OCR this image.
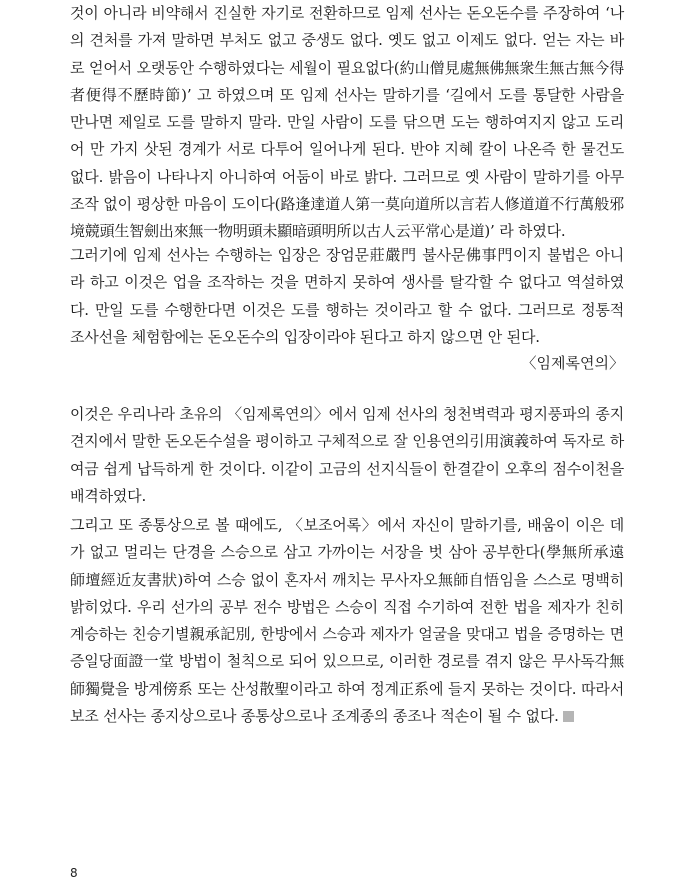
것이 아니라 비약해서 진실한 자기로 전환하므로 임제 선사는 돈오돈수를 주장하여 ‘나의 견처를 가져 말하면 부처도 없고 중생도 없다. 옛도 없고 이제도 없다. 얻는 자는 바로 얻어서 오랫동안 수행하였다는 세월이 필요없다(約山僧見處無佛無衆生無古無今得者便得不歷時節)’ 고 하였으며 또 임제 선사는 말하기를 ‘길에서 도를 통달한 사람을 만나면 제일로 도를 말하지 말라. 만일 사람이 도를 닦으면 도는 행하여지지 않고 도리어 만 가지 삿된 경계가 서로 다투어 일어나게 된다. 반야 지혜 칼이 나온즉 한 물건도 없다. 밝음이 나타나지 아니하여 어둠이 바로 밝다. 그러므로 옛 사람이 말하기를 아무 조작 없이 평상한 마음이 도이다(路逢達道人第一莫向道所以言若人修道道不行萬般邪境競頭生智劍出來無一物明頭未顯暗頭明所以古人云平常心是道)’ 라 하였다.
그러기에 임제 선사는 수행하는 입장은 장엄문莊嚴門 불사문佛事門이지 불법은 아니라 하고 이것은 업을 조작하는 것을 면하지 못하여 생사를 탈각할 수 없다고 역설하였다. 만일 도를 수행한다면 이것은 도를 행하는 것이라고 할 수 없다. 그러므로 정통적 조사선을 체험함에는 돈오돈수의 입장이라야 된다고 하지 않으면 안 된다.
〈임제록연의〉
이것은 우리나라 초유의 〈임제록연의〉에서 임제 선사의 청천벽력과 평지풍파의 종지 견지에서 말한 돈오돈수설을 평이하고 구체적으로 잘 인용연의引用演義하여 독자로 하여금 쉽게 납득하게 한 것이다. 이같이 고금의 선지식들이 한결같이 오후의 점수이천을 배격하였다.
그리고 또 종통상으로 볼 때에도, 〈보조어록〉에서 자신이 말하기를, 배움이 이은 데가 없고 멀리는 단경을 스승으로 삼고 가까이는 서장을 벗 삼아 공부한다(學無所承遠師壇經近友書狀)하여 스승 없이 혼자서 깨치는 무사자오無師自悟임을 스스로 명백히 밝히었다. 우리 선가의 공부 전수 방법은 스승이 직접 수기하여 전한 법을 제자가 친히 계승하는 친승기별親承記別, 한방에서 스승과 제자가 얼굴을 맞대고 법을 증명하는 면증일당面證一堂 방법이 철칙으로 되어 있으므로, 이러한 경로를 겪지 않은 무사독각無師獨覺을 방계傍系 또는 산성散聖이라고 하여 정계正系에 들지 못하는 것이다. 따라서 보조 선사는 종지상으로나 종통상으로나 조계종의 종조나 적손이 될 수 없다.
8
